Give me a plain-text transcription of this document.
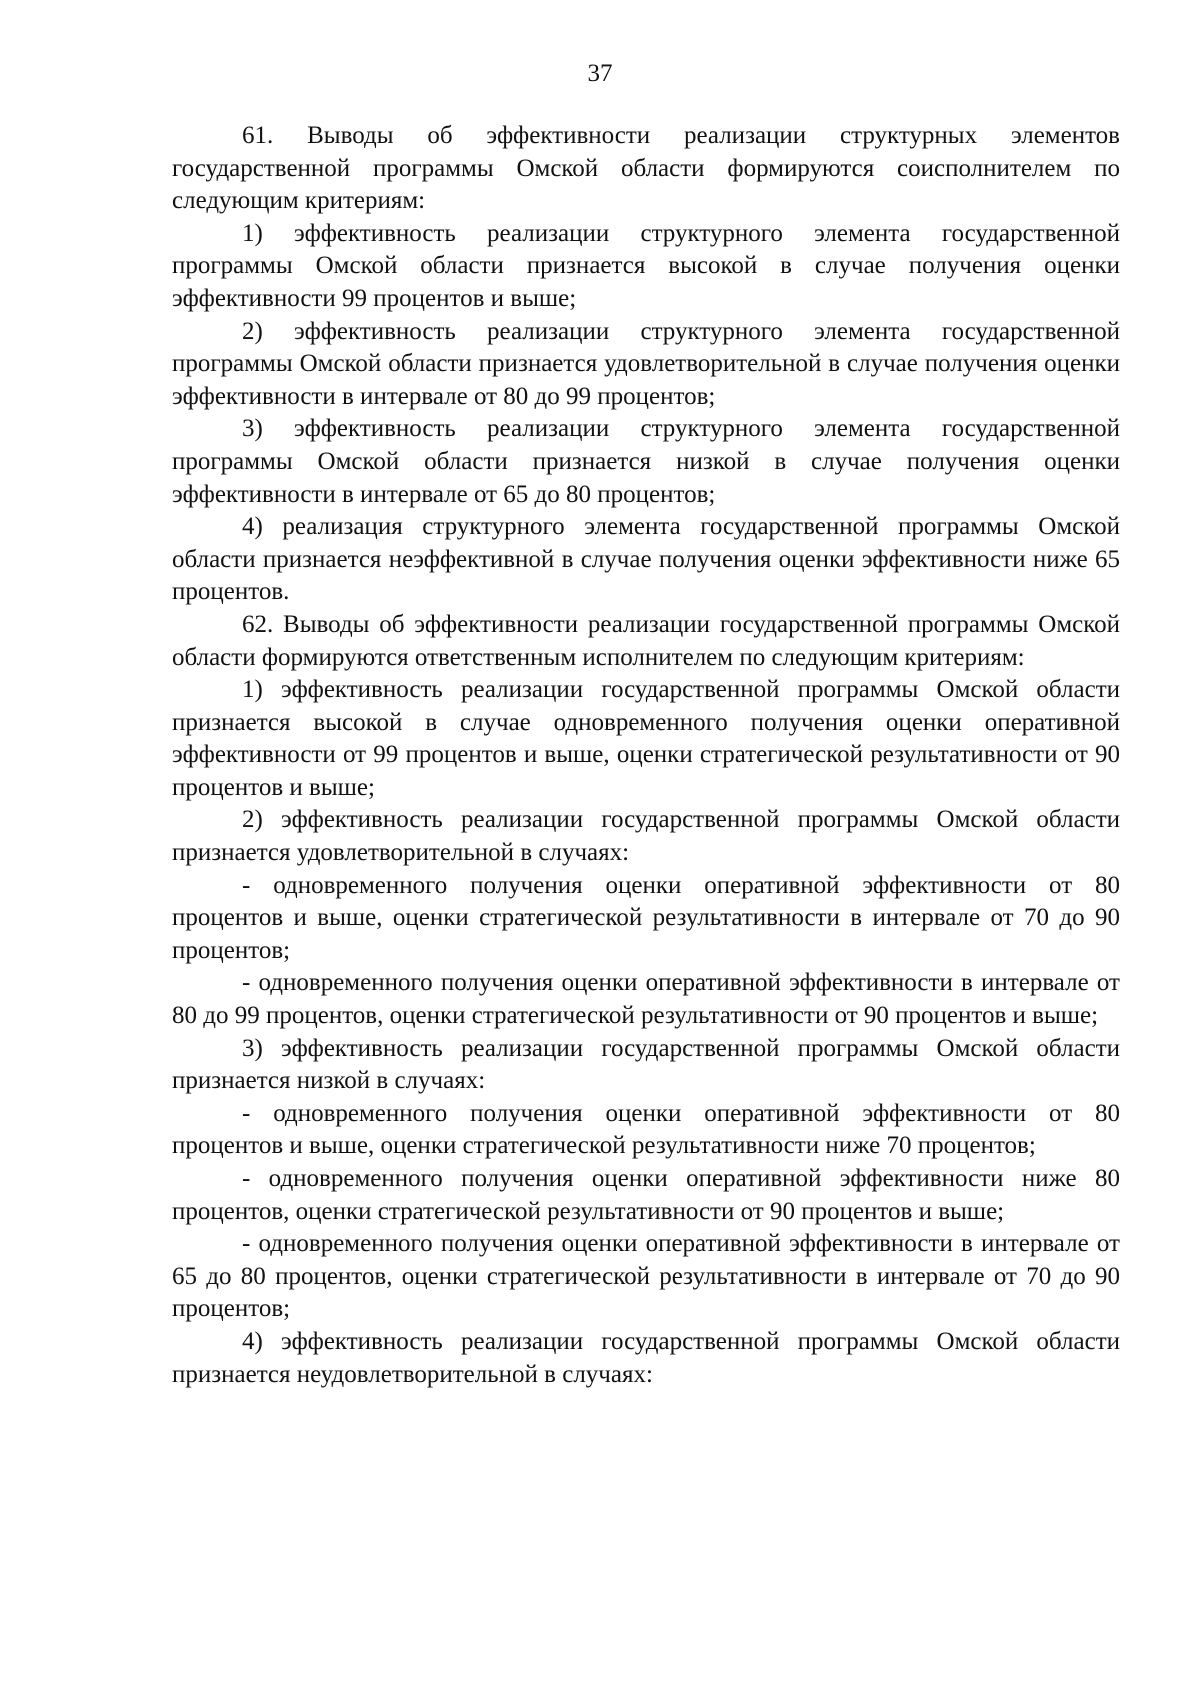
37

61. Выводы об эффективности реализации структурных элементов государственной программы Омской области формируются соисполнителем по следующим критериям:

1) эффективность реализации структурного элемента государственной программы Омской области признается высокой в случае получения оценки эффективности 99 процентов и выше;

2) эффективность реализации структурного элемента государственной программы Омской области признается удовлетворительной в случае получения оценки эффективности в интервале от 80 до 99 процентов;

3) эффективность реализации структурного элемента государственной программы Омской области признается низкой в случае получения оценки эффективности в интервале от 65 до 80 процентов;

4) реализация структурного элемента государственной программы Омской области признается неэффективной в случае получения оценки эффективности ниже 65 процентов.

62. Выводы об эффективности реализации государственной программы Омской области формируются ответственным исполнителем по следующим критериям:

1) эффективность реализации государственной программы Омской области признается высокой в случае одновременного получения оценки оперативной эффективности от 99 процентов и выше, оценки стратегической результативности от 90 процентов и выше;

2) эффективность реализации государственной программы Омской области признается удовлетворительной в случаях:

- одновременного получения оценки оперативной эффективности от 80 процентов и выше, оценки стратегической результативности в интервале от 70 до 90 процентов;

- одновременного получения оценки оперативной эффективности в интервале от 80 до 99 процентов, оценки стратегической результативности от 90 процентов и выше;

3) эффективность реализации государственной программы Омской области признается низкой в случаях:

- одновременного получения оценки оперативной эффективности от 80 процентов и выше, оценки стратегической результативности ниже 70 процентов;

- одновременного получения оценки оперативной эффективности ниже 80 процентов, оценки стратегической результативности от 90 процентов и выше;

- одновременного получения оценки оперативной эффективности в интервале от 65 до 80 процентов, оценки стратегической результативности в интервале от 70 до 90 процентов;

4) эффективность реализации государственной программы Омской области признается неудовлетворительной в случаях:
